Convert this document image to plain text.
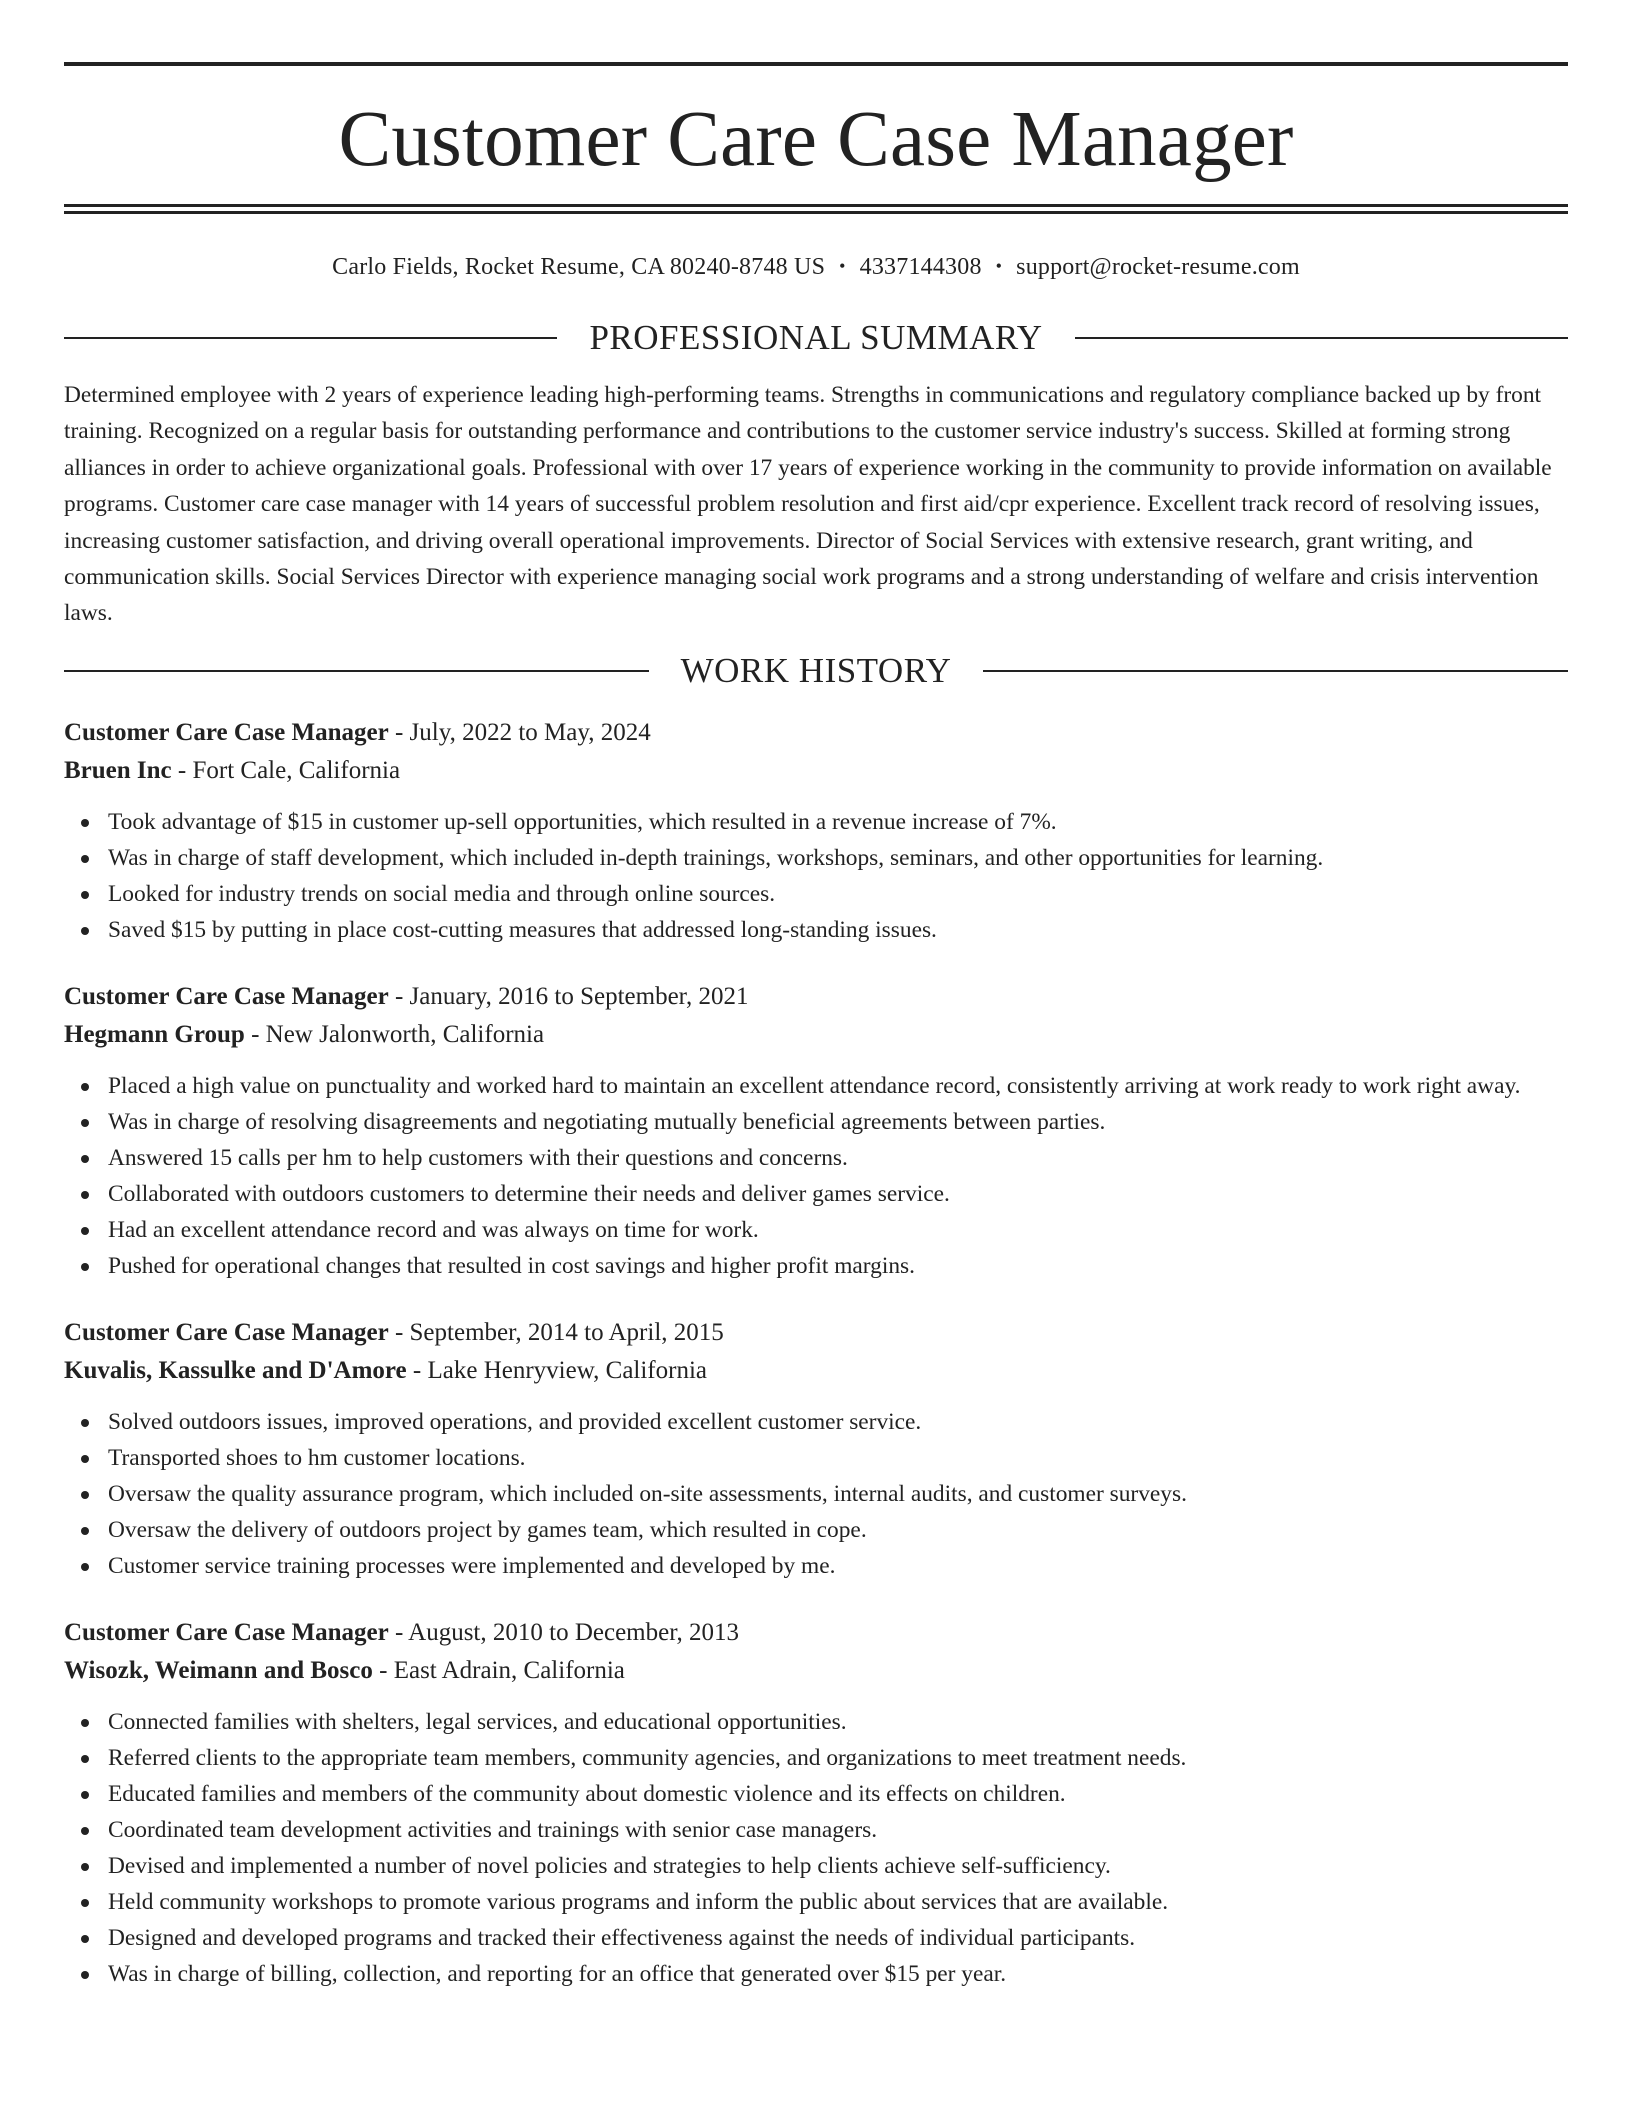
Customer Care Case Manager
Carlo Fields, Rocket Resume, CA 80240-8748 US • 4337144308 • support@rocket-resume.com
PROFESSIONAL SUMMARY

Determined employee with 2 years of experience leading high-performing teams. Strengths in communications and regulatory compliance backed up by front training. Recognized on a regular basis for outstanding performance and contributions to the customer service industry's success. Skilled at forming strong alliances in order to achieve organizational goals. Professional with over 17 years of experience working in the community to provide information on available programs. Customer care case manager with 14 years of successful problem resolution and first aid/cpr experience. Excellent track record of resolving issues, increasing customer satisfaction, and driving overall operational improvements. Director of Social Services with extensive research, grant writing, and communication skills. Social Services Director with experience managing social work programs and a strong understanding of welfare and crisis intervention laws.

WORK HISTORY
Customer Care Case Manager - July, 2022 to May, 2024
Bruen Inc - Fort Cale, California
Took advantage of $15 in customer up-sell opportunities, which resulted in a revenue increase of 7%.
Was in charge of staff development, which included in-depth trainings, workshops, seminars, and other opportunities for learning.
Looked for industry trends on social media and through online sources.
Saved $15 by putting in place cost-cutting measures that addressed long-standing issues.
Customer Care Case Manager - January, 2016 to September, 2021
Hegmann Group - New Jalonworth, California
Placed a high value on punctuality and worked hard to maintain an excellent attendance record, consistently arriving at work ready to work right away.
Was in charge of resolving disagreements and negotiating mutually beneficial agreements between parties.
Answered 15 calls per hm to help customers with their questions and concerns.
Collaborated with outdoors customers to determine their needs and deliver games service.
Had an excellent attendance record and was always on time for work.
Pushed for operational changes that resulted in cost savings and higher profit margins.
Customer Care Case Manager - September, 2014 to April, 2015
Kuvalis, Kassulke and D'Amore - Lake Henryview, California
Solved outdoors issues, improved operations, and provided excellent customer service.
Transported shoes to hm customer locations.
Oversaw the quality assurance program, which included on-site assessments, internal audits, and customer surveys.
Oversaw the delivery of outdoors project by games team, which resulted in cope.
Customer service training processes were implemented and developed by me.
Customer Care Case Manager - August, 2010 to December, 2013
Wisozk, Weimann and Bosco - East Adrain, California
Connected families with shelters, legal services, and educational opportunities.
Referred clients to the appropriate team members, community agencies, and organizations to meet treatment needs.
Educated families and members of the community about domestic violence and its effects on children.
Coordinated team development activities and trainings with senior case managers.
Devised and implemented a number of novel policies and strategies to help clients achieve self-sufficiency.
Held community workshops to promote various programs and inform the public about services that are available.
Designed and developed programs and tracked their effectiveness against the needs of individual participants.
Was in charge of billing, collection, and reporting for an office that generated over $15 per year.
